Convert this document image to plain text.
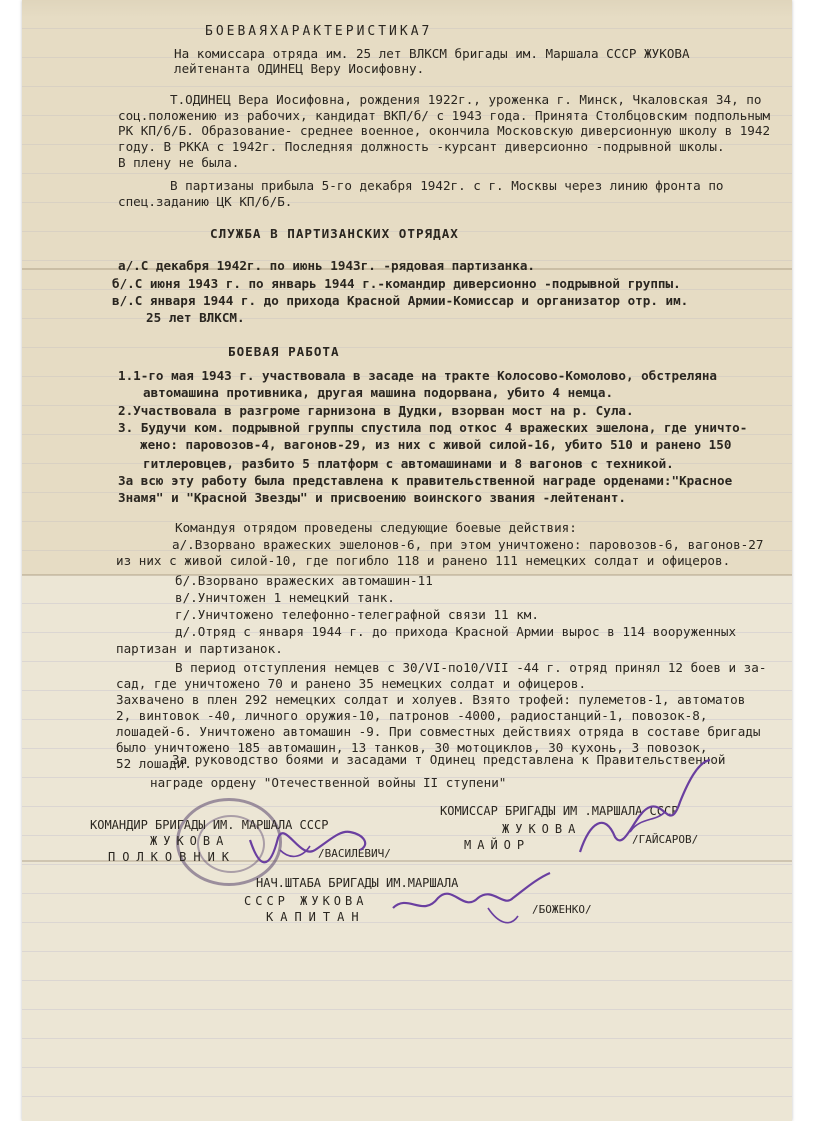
БОЕВАЯХАРАКТЕРИСТИКА7
На комиссара отряда им. 25 лет ВЛКСМ бригады им. Маршала СССР ЖУКОВА
лейтенанта ОДИНЕЦ Веру Иосифовну.
Т.ОДИНЕЦ Вера Иосифовна, рождения 1922г., уроженка г. Минск, Чкаловская 34, по
соц.положению из рабочих, кандидат ВКП/б/ с 1943 года. Принята Столбцовским подпольным
РК КП/б/Б. Образование- среднее военное, окончила Московскую диверсионную школу в 1942
году. В РККА с 1942г. Последняя должность -курсант диверсионно -подрывной школы.
В плену не была.
В партизаны прибыла 5-го декабря 1942г. с г. Москвы через линию фронта по
спец.заданию ЦК КП/б/Б.
СЛУЖБА В ПАРТИЗАНСКИХ ОТРЯДАХ
а/.С декабря 1942г. по июнь 1943г. -рядовая партизанка.
б/.С июня 1943 г. по январь 1944 г.-командир диверсионно -подрывной группы.
в/.С января 1944 г. до прихода Красной Армии-Комиссар и организатор отр. им.
25 лет ВЛКСМ.
БОЕВАЯ РАБОТА
1.1-го мая 1943 г. участвовала в засаде на тракте Колосово-Комолово, обстреляна
автомашина противника, другая машина подорвана, убито 4 немца.
2.Участвовала в разгроме гарнизона в Дудки, взорван мост на р. Сула.
3. Будучи ком. подрывной группы спустила под откос 4 вражеских эшелона, где уничто-
жено: паровозов-4, вагонов-29, из них с живой силой-16, убито 510 и ранено 150
гитлеровцев, разбито 5 платформ с автомашинами и 8 вагонов с техникой.
За всю эту работу была представлена к правительственной награде орденами:"Красное
Знамя" и "Красной Звезды" и присвоению воинского звания -лейтенант.
Командуя отрядом проведены следующие боевые действия:
а/.Взорвано вражеских эшелонов-6, при этом уничтожено: паровозов-6, вагонов-27
из них с живой силой-10, где погибло 118 и ранено 111 немецких солдат и офицеров.
б/.Взорвано вражеских автомашин-11
в/.Уничтожен 1 немецкий танк.
г/.Уничтожено телефонно-телеграфной связи 11 км.
д/.Отряд с января 1944 г. до прихода Красной Армии вырос в 114 вооруженных
партизан и партизанок.
В период отступления немцев с 30/VI-по10/VII -44 г. отряд принял 12 боев и за-
сад, где уничтожено 70 и ранено 35 немецких солдат и офицеров.
Захвачено в плен 292 немецких солдат и холуев. Взято трофей: пулеметов-1, автоматов
2, винтовок -40, личного оружия-10, патронов -4000, радиостанций-1, повозок-8,
лошадей-6. Уничтожено автомашин -9. При совместных действиях отряда в составе бригады
было уничтожено 185 автомашин, 13 танков, 30 мотоциклов, 30 кухонь, 3 повозок,
52 лошади.
За руководство боями и засадами т Одинец представлена к Правительственной
награде ордену "Отечественной войны II ступени"
КОМАНДИР БРИГАДЫ ИМ. МАРШАЛА СССР
ЖУКОВА
ПОЛКОВНИК	/ВАСИЛЕВИЧ/
КОМИССАР БРИГАДЫ ИМ .МАРШАЛА СССР
ЖУКОВА
МАЙОР	/ГАЙСАРОВ/
НАЧ.ШТАБА БРИГАДЫ ИМ.МАРШАЛА
СССР ЖУКОВА
КАПИТАН
/БОЖЕНКО/
